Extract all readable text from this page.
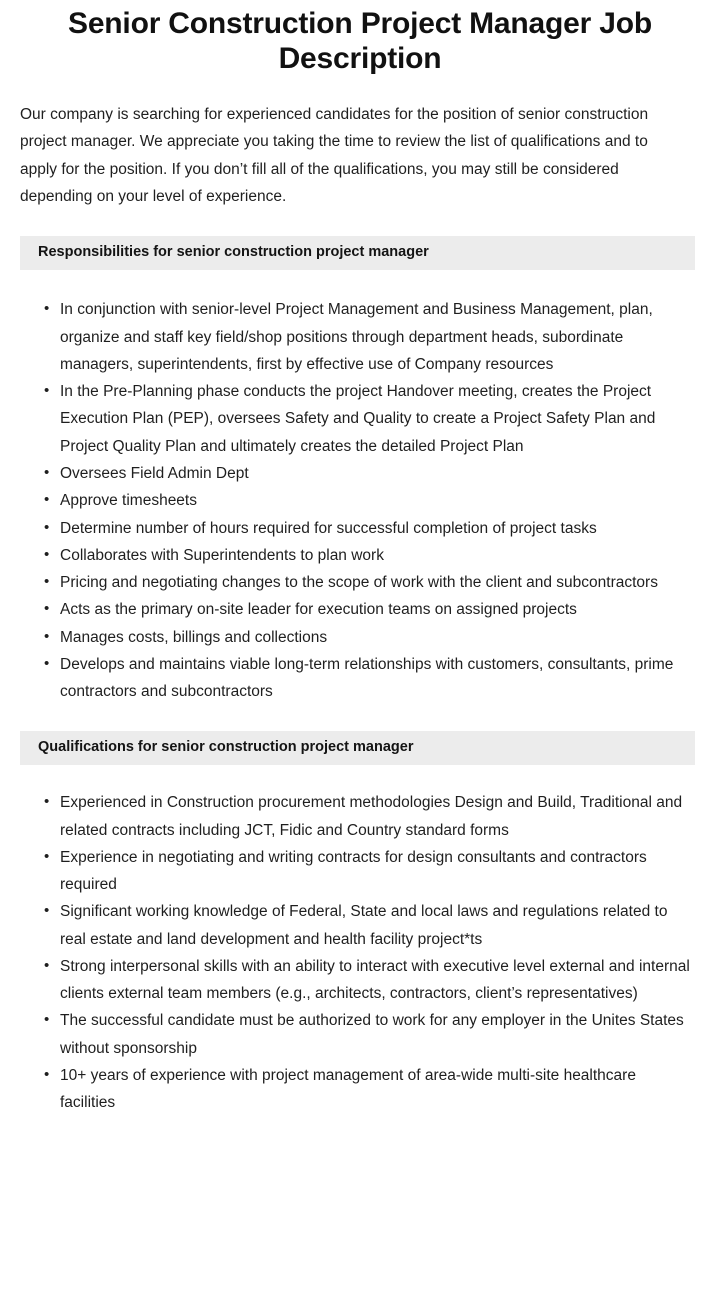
Senior Construction Project Manager Job Description

Our company is searching for experienced candidates for the position of senior construction project manager. We appreciate you taking the time to review the list of qualifications and to apply for the position. If you don’t fill all of the qualifications, you may still be considered depending on your level of experience.

Responsibilities for senior construction project manager
• In conjunction with senior-level Project Management and Business Management, plan, organize and staff key field/shop positions through department heads, subordinate managers, superintendents, first by effective use of Company resources
• In the Pre-Planning phase conducts the project Handover meeting, creates the Project Execution Plan (PEP), oversees Safety and Quality to create a Project Safety Plan and Project Quality Plan and ultimately creates the detailed Project Plan
• Oversees Field Admin Dept
• Approve timesheets
• Determine number of hours required for successful completion of project tasks
• Collaborates with Superintendents to plan work
• Pricing and negotiating changes to the scope of work with the client and subcontractors
• Acts as the primary on-site leader for execution teams on assigned projects
• Manages costs, billings and collections
• Develops and maintains viable long-term relationships with customers, consultants, prime contractors and subcontractors
Qualifications for senior construction project manager
• Experienced in Construction procurement methodologies Design and Build, Traditional and related contracts including JCT, Fidic and Country standard forms
• Experience in negotiating and writing contracts for design consultants and contractors required
• Significant working knowledge of Federal, State and local laws and regulations related to real estate and land development and health facility project*ts
• Strong interpersonal skills with an ability to interact with executive level external and internal clients external team members (e.g., architects, contractors, client’s representatives)
• The successful candidate must be authorized to work for any employer in the Unites States without sponsorship
• 10+ years of experience with project management of area-wide multi-site healthcare facilities
